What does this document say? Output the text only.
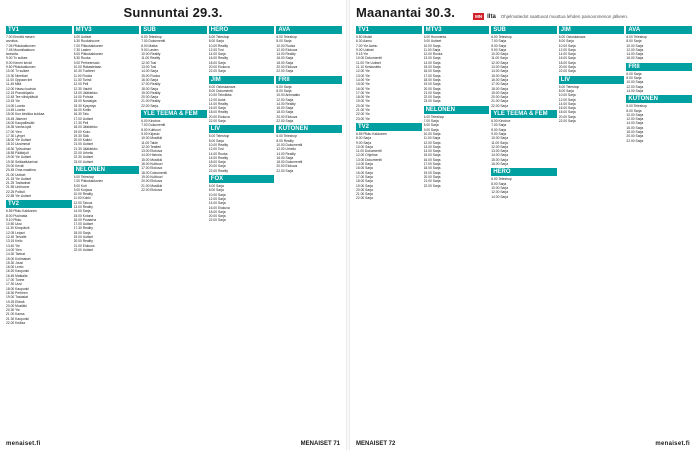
Sunnuntai 29.3.
TV1
7.00 Ennätä mesen
arvoitus.
7.05 Pikkukakkonen
7.45 Muumilaakson
tarinoita.
9.00 Tv sulkee.
9.00 Kenen kevät
9.50 Pikkukakkonen
10.00 Tv sulkee
10.30 Nieeltoni
11.00 Oppaan tiet
11.45 Mitä
12.00 Hassu kuvista
12.15 Pianokilpailu
12.45 Tee viihdyttävät
13.15 Yle
14.00 Luonto
14.45 Luonto
15.00 Kun kirsikka kukkaa
15.45 Jäsenet
16.00 Kaupallisväki
16.35 Vanha kylä
17.00 Ylen
17.30 Lyhyet
18.00 Yle Uutiset
18.10 Uusimmat
18.30 Työvoiman
18.55 Pääkirjoit
19.00 Yle Uutiset
19.30 Seikkailutarinat
20.00 Kevät
20.45 Oma maailma
21.00 Uutiset
21.15 Yle Uutiset
21.25 Tositarinat
21.55 Unihuone
22.25 Poliisit
22.55 Yle Uutiset
TV2
6.55 Pikku Kakkonen
8.00 Puuhasta
9.10 Pikku
10.50 Uusi
11.30 Kinopäivä
12.05 Leipuri
12.45 Tervalle
13.15 Kello
13.40 Yle
14.00 Ylen
14.30 Tarinat
15.00 Kotimaiset
15.30 Jousi
16.00 Lento
16.20 Kaupunki
16.45 Matkalla
17.00 Tunne
17.30 Uusi
18.00 Kaupunki
18.30 Perheen
19.00 Tosiasiat
19.25 Elämä
20.00 Musiikki
20.30 Yle
21.00 Kansa
21.30 Kaupunki
22.00 Keikka
MTV3
6.00 Uutiset
6.30 Ruokahuone
7.00 Pikkukakkonen
7.30 Lasten
8.00 Pikkukakkonen
8.30 Ruoka
9.00 Perheenvalo
10.00 Rakastetaan
10.30 Tuotteet
11.00 Ruoka
11.30 Turisti
12.00 Peli
12.30 Vauhti
13.00 Jääkiekko
14.00 Puhuta
15.00 Nostalgia
15.30 Kysymys
16.00 Kotiin
16.30 Talo
17.00 Uutiset
17.30 Peli
18.00 Jääkiekko
19.00 Koko
19.30 Sää
20.00 Kaikki
21.00 Uutiset
21.30 Jääkiekko
22.00 Urheilu
22.30 Uutiset
23.00 Uutiset
NELONEN
6.00 Teleshop
7.00 Pikkukakkonen
8.00 Koti
9.00 Korjaus
10.00 Reality
11.00 Kokki
12.00 Talous
13.00 Reality
14.00 Sarja
15.00 Kotona
16.00 Puutarha
17.00 Uutiset
17.30 Reality
18.00 Sarja
19.00 Uutiset
20.00 Reality
21.00 Elokuva
22.00 Uutiset
SUB
6.00 Teleshop
7.00 Dokumentti
8.00 Matka
9.00 Lasten
10.00 Reality
11.00 Reality
12.00 Tosi
13.00 Tosi
14.00 Sarja
15.00 Ruoka
16.00 Sarja
17.00 Reality
18.00 Sarja
19.00 Reality
20.00 Sarja
21.00 Reality
22.00 Sarja
YLE TEEMA & FEM
6.00 Kinobox
7.00 Dokumentti
8.00 Kulttuuri
9.00 Kirjasto
10.00 Musiikki
11.00 Taide
12.00 Teatteri
13.00 Elokuva
14.00 Historia
15.00 Musiikki
16.00 Kulttuuri
17.00 Elokuva
18.00 Dokumentti
19.00 Kulttuuri
20.00 Elokuva
21.00 Musiikki
22.00 Elokuva
HERO
6.00 Teleshop
8.00 Sarja
10.00 Reality
12.00 Tosi
14.00 Sarja
16.00 Reality
18.00 Sarja
20.00 Elokuva
22.00 Sarja
JIM
6.00 Ostoskanava
8.00 Dokumentti
10.00 Tekniikka
12.00 Autot
14.00 Reality
16.00 Sarja
18.00 Reality
20.00 Elokuva
22.00 Sarja
LIV
6.00 Teleshop
8.00 Sarja
10.00 Reality
12.00 Tosi
14.00 Ruoka
16.00 Reality
18.00 Sarja
20.00 Sarja
22.00 Reality
FOX
6.00 Sarja
8.00 Sarja
10.00 Sarja
12.00 Sarja
14.00 Sarja
16.00 Elokuva
18.00 Sarja
20.00 Sarja
22.00 Sarja
AVA
6.00 Teleshop
8.00 Sarja
10.00 Ruoka
12.00 Elokuva
14.00 Reality
16.00 Sarja
18.00 Sarja
20.00 Elokuva
22.00 Sarja
FRII
6.00 Sarja
8.00 Sarja
10.00 Animaatio
12.00 Sarja
14.00 Reality
16.00 Sarja
18.00 Sarja
20.00 Elokuva
22.00 Sarja
KUTONEN
6.00 Teleshop
8.00 Reality
10.00 Dokumentti
12.00 Urheilu
14.00 Reality
16.00 Sarja
18.00 Dokumentti
20.00 Elokuva
22.00 Sarja
menaiset.fi	MENAISET 71
Maanantai 30.3.	MN Ilta Ohjelmatiedot saattuvat muuttua lehden painoonmenon jälkeen.
TV1
5.50 Muisti
6.30 Aamu
7.00 Yle Aamu
9.00 Uutiset
9.15 Yle
10.00 Dokumentti
11.00 Yle Uutiset
11.10 Keskustelu
12.00 Yle
13.00 Yle
14.00 Yle
15.00 Yle
16.00 Yle
17.00 Yle
18.00 Yle
19.00 Yle
20.00 Yle
21.00 Yle
22.00 Yle
23.00 Yle
TV2
6.55 Pikku Kakkonen
8.00 Sarja
9.00 Sarja
10.00 Sarja
11.00 Dokumentti
12.00 Ohjelma
13.00 Dokumentti
14.00 Sarja
15.00 Sarja
16.00 Sarja
17.00 Sarja
18.00 Sarja
19.00 Sarja
20.00 Sarja
21.00 Sarja
22.00 Sarja
MTV3
6.00 Huomenta
9.00 Uutiset
10.00 Sarja
11.00 Sarja
12.00 Ruoka
13.00 Sarja
14.00 Sarja
15.00 Sarja
16.00 Sarja
17.00 Sarja
18.00 Sarja
19.00 Sarja
20.00 Sarja
21.00 Sarja
22.00 Sarja
23.00 Sarja
NELONEN
6.00 Teleshop
7.00 Sarja
8.00 Sarja
9.00 Sarja
10.00 Sarja
11.00 Sarja
12.00 Sarja
13.00 Sarja
14.00 Sarja
15.00 Sarja
16.00 Sarja
17.00 Sarja
18.00 Sarja
19.00 Sarja
20.00 Sarja
21.00 Sarja
22.00 Sarja
SUB
6.00 Teleshop
7.00 Sarja
8.00 Sarja
9.00 Sarja
10.00 Sarja
11.00 Sarja
12.00 Sarja
13.00 Sarja
14.00 Sarja
15.00 Sarja
16.00 Sarja
17.00 Sarja
18.00 Sarja
19.00 Sarja
20.00 Sarja
21.00 Sarja
22.00 Sarja
YLE TEEMA & FEM
6.00 Kinobox
7.00 Sarja
8.00 Sarja
9.00 Sarja
10.00 Sarja
11.00 Sarja
12.00 Sarja
13.00 Sarja
14.00 Sarja
15.00 Sarja
16.00 Sarja
HERO
6.00 Teleshop
8.00 Sarja
10.00 Sarja
12.00 Sarja
14.00 Sarja
JIM
6.00 Ostoskanava
8.00 Sarja
10.00 Sarja
12.00 Sarja
14.00 Sarja
16.00 Sarja
18.00 Sarja
20.00 Sarja
22.00 Sarja
LIV
6.00 Teleshop
8.00 Sarja
10.00 Sarja
12.00 Sarja
14.00 Sarja
16.00 Sarja
18.00 Sarja
20.00 Sarja
22.00 Sarja
AVA
6.00 Teleshop
8.00 Sarja
10.00 Sarja
12.00 Sarja
14.00 Sarja
16.00 Sarja
FRII
6.00 Sarja
8.00 Sarja
10.00 Sarja
12.00 Sarja
14.00 Sarja
KUTONEN
6.00 Teleshop
8.00 Sarja
10.00 Sarja
12.00 Sarja
14.00 Sarja
16.00 Sarja
18.00 Sarja
20.00 Sarja
22.00 Sarja
MENAISET 72	menaiset.fi
